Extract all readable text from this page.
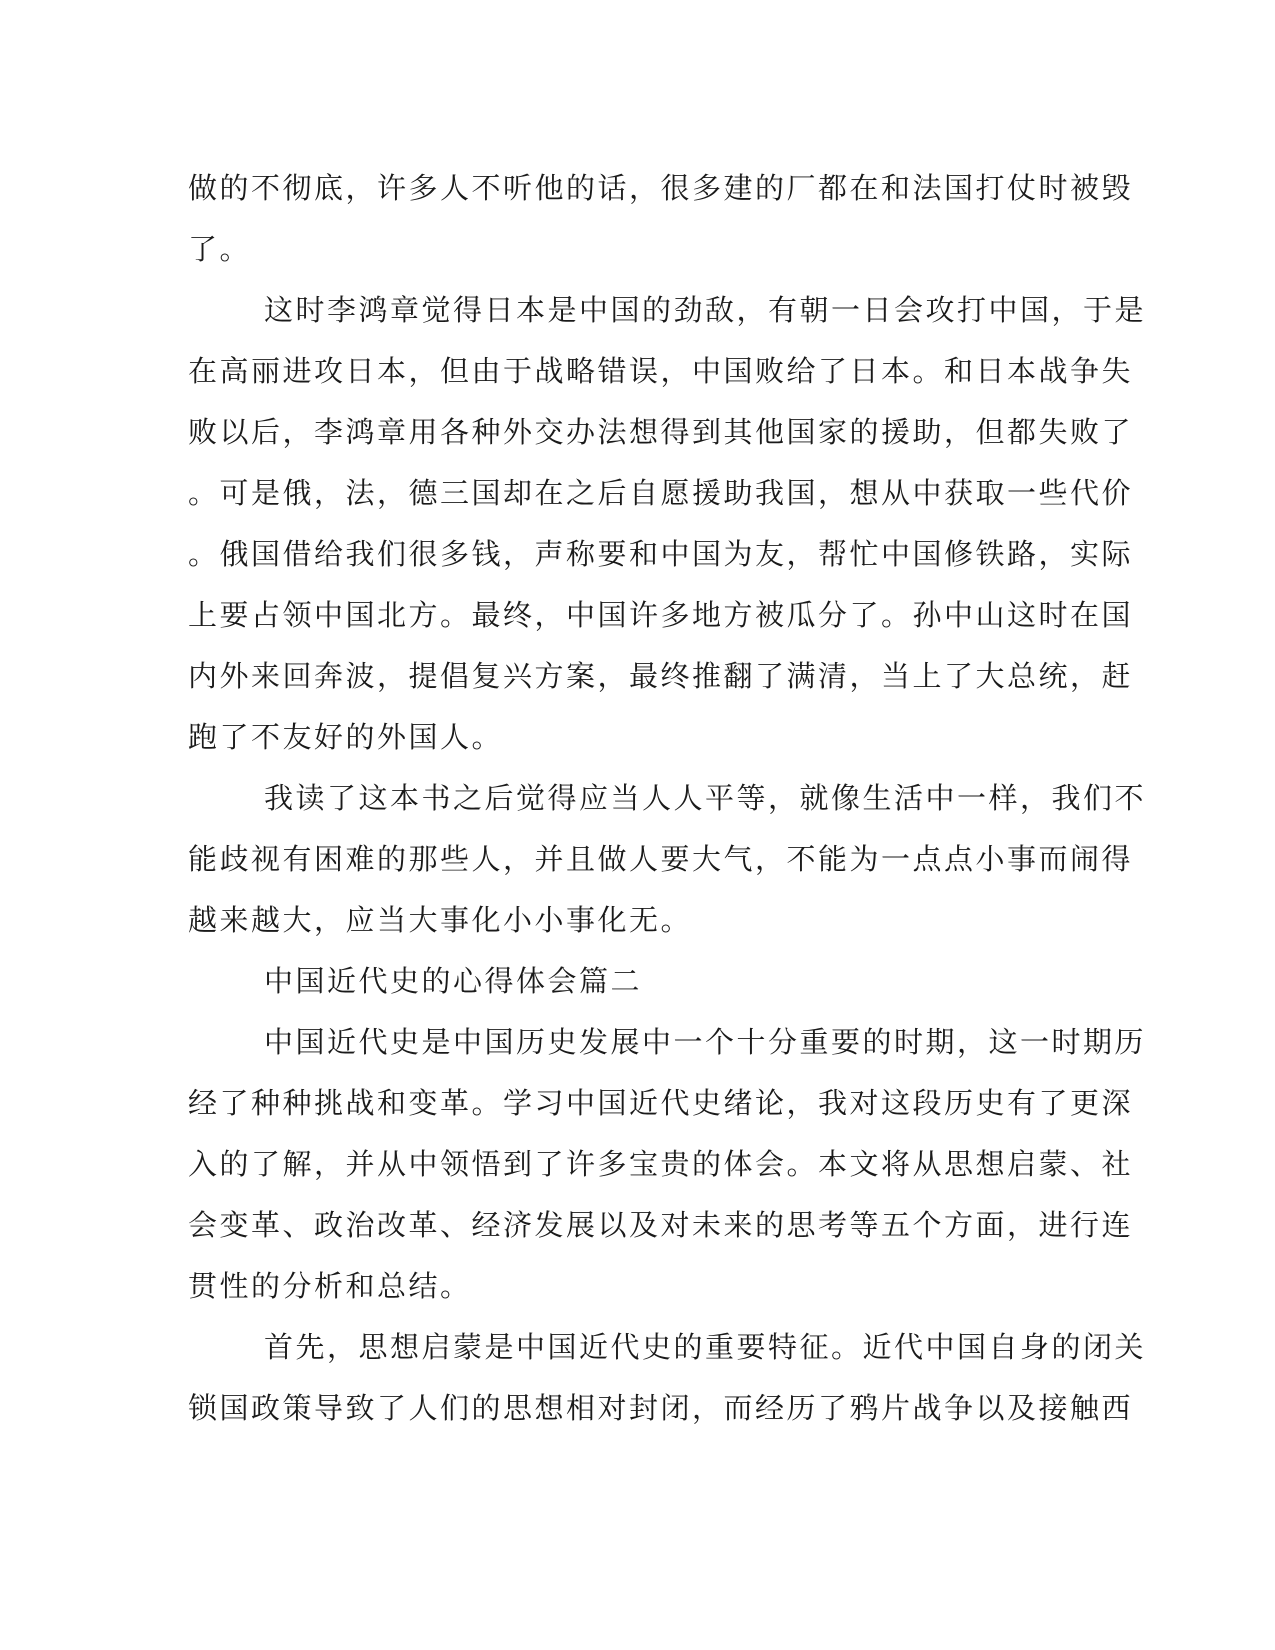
做的不彻底，许多人不听他的话，很多建的厂都在和法国打仗时被毁
了。
这时李鸿章觉得日本是中国的劲敌，有朝一日会攻打中国，于是
在高丽进攻日本，但由于战略错误，中国败给了日本。和日本战争失
败以后，李鸿章用各种外交办法想得到其他国家的援助，但都失败了
。可是俄，法，德三国却在之后自愿援助我国，想从中获取一些代价
。俄国借给我们很多钱，声称要和中国为友，帮忙中国修铁路，实际
上要占领中国北方。最终，中国许多地方被瓜分了。孙中山这时在国
内外来回奔波，提倡复兴方案，最终推翻了满清，当上了大总统，赶
跑了不友好的外国人。
我读了这本书之后觉得应当人人平等，就像生活中一样，我们不
能歧视有困难的那些人，并且做人要大气，不能为一点点小事而闹得
越来越大，应当大事化小小事化无。
中国近代史的心得体会篇二
中国近代史是中国历史发展中一个十分重要的时期，这一时期历
经了种种挑战和变革。学习中国近代史绪论，我对这段历史有了更深
入的了解，并从中领悟到了许多宝贵的体会。本文将从思想启蒙、社
会变革、政治改革、经济发展以及对未来的思考等五个方面，进行连
贯性的分析和总结。
首先，思想启蒙是中国近代史的重要特征。近代中国自身的闭关
锁国政策导致了人们的思想相对封闭，而经历了鸦片战争以及接触西
